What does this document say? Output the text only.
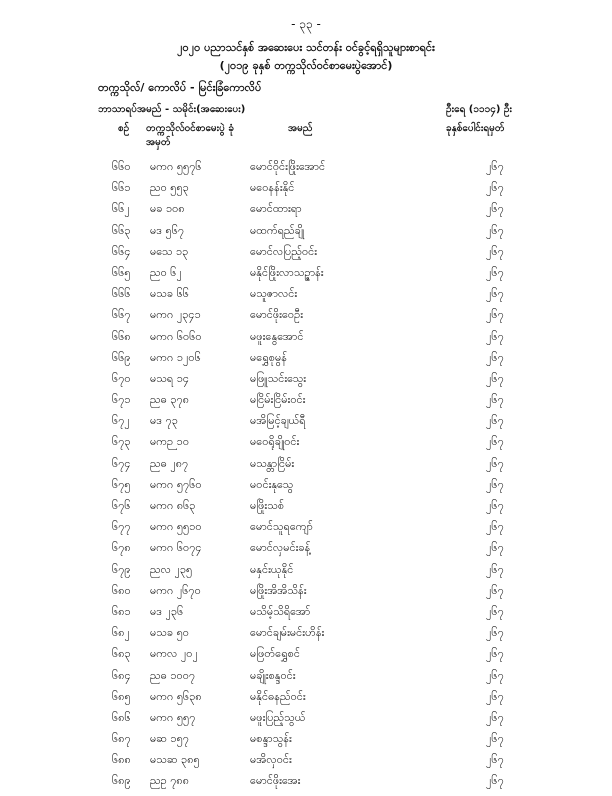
- ၃၃ -
၂၀၂၀ ပညာသင်နှစ် အဆေးပေး သင်တန်း ဝင်ခွင့်ရရှိသူများစာရင်း
(၂၀၁၉ ခုနှစ် တက္ကသိုလ်ဝင်စာမေးပွဲအောင်)
တက္ကသိုလ်/ ကောလိပ် - မြင်းခြံကောလိပ်
ဘာသာရပ်အမည် - သမိုင်း(အဆေးပေး)	ဦးရေ (၁၁၁၄) ဦး
စဉ် တက္ကသိုလ်ဝင်စာမေးပွဲ ခုံအမှတ်
အမည်	ခုနှစ်ပေါင်းရမှတ်
၆၆၀ မကဂ ၅၅၇၆	မောင်ဝိုင်းဖြိုးအောင်	၂၆၇
၆၆၁ ညဝ ၅၅၃	မဝေနန်းနိုင်	၂၆၇
၆၆၂ မခ ၁၀၈	မောင်ထားရာ	၂၆၇
၆၆၃ မဒ ၅၆၇	မထက်ရည်ချို	၂၆၇
၆၆၄ မသေ ၁၃	မောင်လပြည့်ဝင်း	၂၆၇
၆၆၅ ညဝ ၆၂	မနိုင်ဖြိုးလာသဉ္ဇာန်း	၂၆၇
၆၆၆ မသခ ၆၆	မသူဇာလင်း	၂၆၇
၆၆၇ မကဂ ၂၃၄၁	မောင်ဖိုးဝေဦး	၂၆၇
၆၆၈ မကဂ ၆၀၆၀	မဖူးနွေအောင်	၂၆၇
၆၆၉ မကဂ ၁၂၀၆	မရွှေစုမွန်	၂၆၇
၆၇၀ မသရ ၁၄	မဖြူသင်းသွေး	၂၆၇
၆၇၁ ညဓ ၃၇၈	မငြိမ်းငြိမ်းဝင်း	၂၆၇
၆၇၂ မဒ ၇၃	မအိမြင့်ချယ်ရီ	၂၆၇
၆၇၃ မကဉ ၁၀	မဝေရိုချိုဝင်း	၂၆၇
၆၇၄ ညဓ ၂၈၇	မသန္တာငြိမ်း	၂၆၇
၆၇၅ မကဂ ၅၇၆၀	မဝင်းနုသွေ	၂၆၇
၆၇၆ မကဂ ၈၆၃	မဖြိုးသစ်	၂၆၇
၆၇၇ မကဂ ၅၅၁၀	မောင်သူရကျော်	၂၆၇
၆၇၈ မကဂ ၆၀၇၄	မောင်လှမင်းခန့်	၂၆၇
၆၇၉ ညလ ၂၃၅	မနှင်းယုနိုင်	၂၆၇
၆၈၀ မကဂ ၂၆၇၀	မဖြိုးအိအိသိန်း	၂၆၇
၆၈၁ မဒ ၂၃၆	မသိမ့်သိရိအော်	၂၆၇
၆၈၂ မသခ ၅၀	မောင်ချမ်းမင်းဟိန်း	၂၆၇
၆၈၃ မကလ ၂၀၂	မဖြတ်ရွှေစင်	၂၆၇
၆၈၄ ညဓ ၁၀၀၇	မချိုးစန္ဒဝင်း	၂၆၇
၆၈၅ မကဂ ၅၆၃၈	မနိုင်ဓနည်ဝင်း	၂၆၇
၆၈၆ မကဂ ၅၅၇	မဖူးပြည့်သွယ်	၂၆၇
၆၈၇ မဆ ၁၅၇	မစန္ဒာသွန်း	၂၆၇
၆၈၈ မသဆ ၃၈၅	မအိလှဝင်း	၂၆၇
၆၈၉ ညဥ ၇၈၈	မောင်ဖိုးအေး	၂၆၇
